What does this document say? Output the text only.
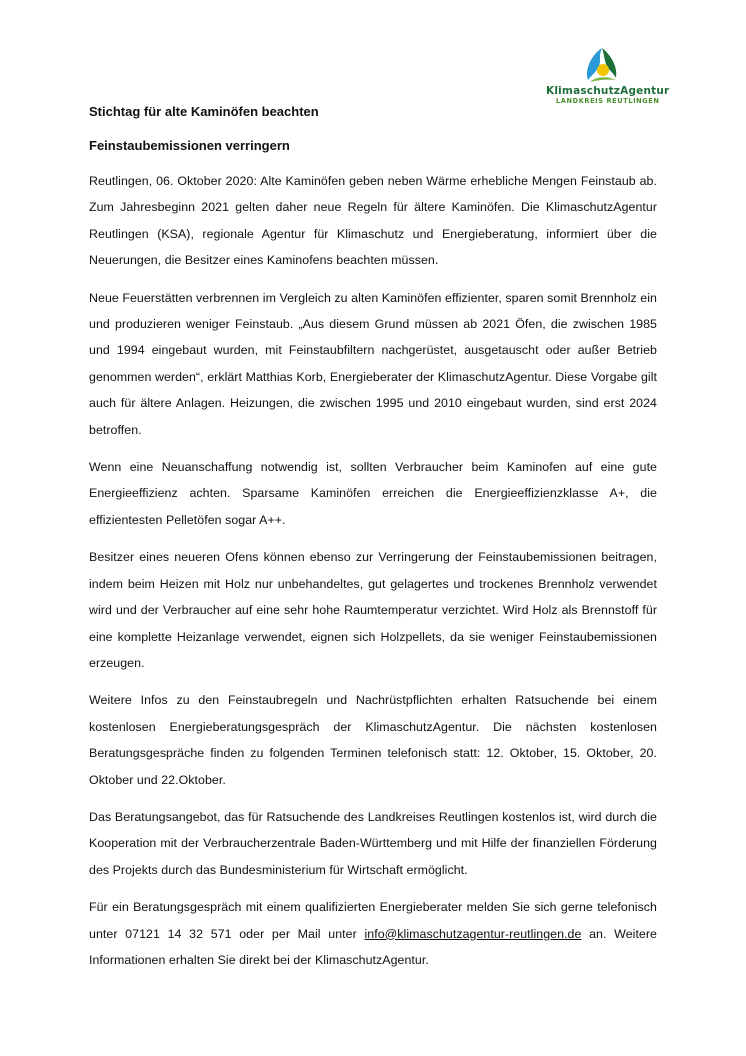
KlimaschutzAgentur
LANDKREIS REUTLINGEN
Stichtag für alte Kaminöfen beachten
Feinstaubemissionen verringern

Reutlingen, 06. Oktober 2020: Alte Kaminöfen geben neben Wärme erhebliche Mengen Feinstaub ab. Zum Jahresbeginn 2021 gelten daher neue Regeln für ältere Kaminöfen. Die KlimaschutzAgentur Reutlingen (KSA), regionale Agentur für Klimaschutz und Energieberatung, informiert über die Neuerungen, die Besitzer eines Kaminofens beachten müssen.

Neue Feuerstätten verbrennen im Vergleich zu alten Kaminöfen effizienter, sparen somit Brennholz ein und produzieren weniger Feinstaub. „Aus diesem Grund müssen ab 2021 Öfen, die zwischen 1985 und 1994 eingebaut wurden, mit Feinstaubfiltern nachgerüstet, ausgetauscht oder außer Betrieb genommen werden“, erklärt Matthias Korb, Energieberater der KlimaschutzAgentur. Diese Vorgabe gilt auch für ältere Anlagen. Heizungen, die zwischen 1995 und 2010 eingebaut wurden, sind erst 2024 betroffen.

Wenn eine Neuanschaffung notwendig ist, sollten Verbraucher beim Kaminofen auf eine gute Energieeffizienz achten. Sparsame Kaminöfen erreichen die Energieeffizienzklasse A+, die effizientesten Pelletöfen sogar A++.

Besitzer eines neueren Ofens können ebenso zur Verringerung der Feinstaubemissionen beitragen, indem beim Heizen mit Holz nur unbehandeltes, gut gelagertes und trockenes Brennholz verwendet wird und der Verbraucher auf eine sehr hohe Raumtemperatur verzichtet. Wird Holz als Brennstoff für eine komplette Heizanlage verwendet, eignen sich Holzpellets, da sie weniger Feinstaubemissionen erzeugen.

Weitere Infos zu den Feinstaubregeln und Nachrüstpflichten erhalten Ratsuchende bei einem kostenlosen Energieberatungsgespräch der KlimaschutzAgentur. Die nächsten kostenlosen Beratungsgespräche finden zu folgenden Terminen telefonisch statt: 12. Oktober, 15. Oktober, 20. Oktober und 22.Oktober.

Das Beratungsangebot, das für Ratsuchende des Landkreises Reutlingen kostenlos ist, wird durch die Kooperation mit der Verbraucherzentrale Baden-Württemberg und mit Hilfe der finanziellen Förderung des Projekts durch das Bundesministerium für Wirtschaft ermöglicht.

Für ein Beratungsgespräch mit einem qualifizierten Energieberater melden Sie sich gerne telefonisch unter 07121 14 32 571 oder per Mail unter info@klimaschutzagentur-reutlingen.de an. Weitere Informationen erhalten Sie direkt bei der KlimaschutzAgentur.
